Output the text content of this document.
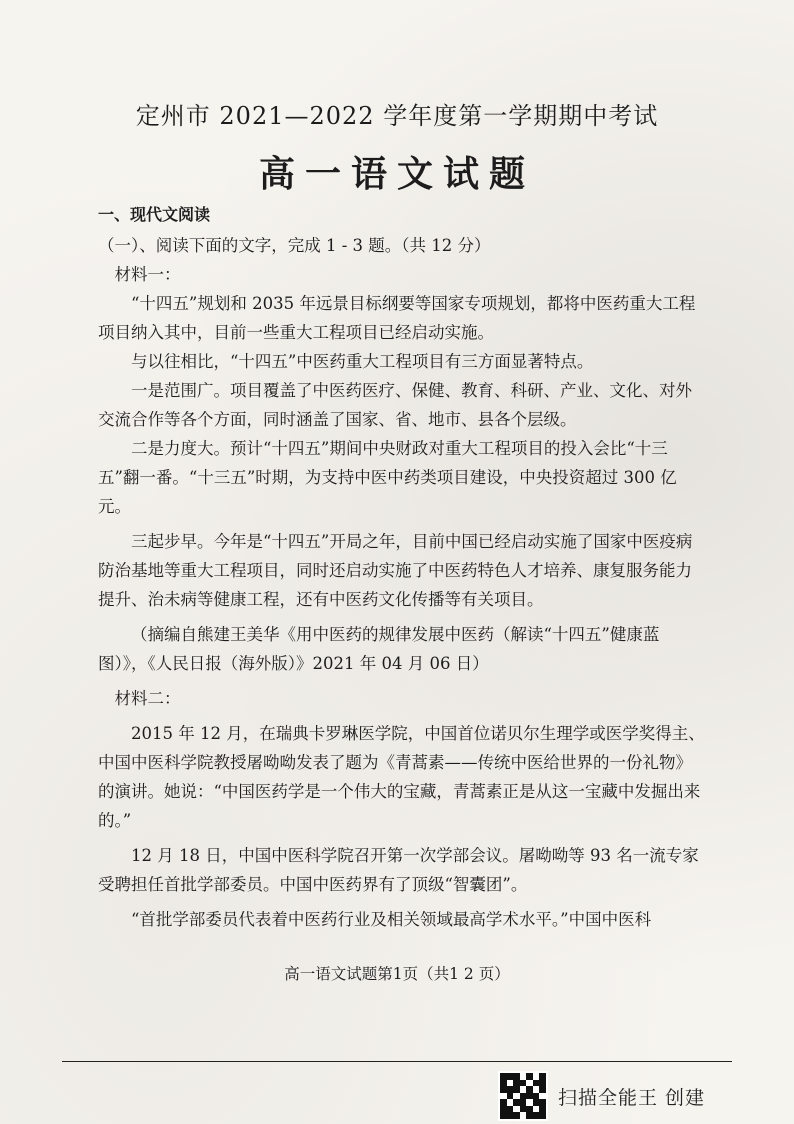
定州市 2021—2022 学年度第一学期期中考试
高一语文试题

一、现代文阅读

（一）、阅读下面的文字，完成 1 - 3 题。（共 12 分）

材料一：

“十四五”规划和 2035 年远景目标纲要等国家专项规划，都将中医药重大工程项目纳入其中，目前一些重大工程项目已经启动实施。

与以往相比，“十四五”中医药重大工程项目有三方面显著特点。

一是范围广。项目覆盖了中医药医疗、保健、教育、科研、产业、文化、对外交流合作等各个方面，同时涵盖了国家、省、地市、县各个层级。

二是力度大。预计“十四五”期间中央财政对重大工程项目的投入会比“十三五”翻一番。“十三五”时期，为支持中医中药类项目建设，中央投资超过 300 亿元。

三起步早。今年是“十四五”开局之年，目前中国已经启动实施了国家中医疫病防治基地等重大工程项目，同时还启动实施了中医药特色人才培养、康复服务能力提升、治未病等健康工程，还有中医药文化传播等有关项目。

（摘编自熊建王美华《用中医药的规律发展中医药（解读“十四五”健康蓝图）》，《人民日报（海外版）》2021 年 04 月 06 日）

材料二：

2015 年 12 月，在瑞典卡罗琳医学院，中国首位诺贝尔生理学或医学奖得主、中国中医科学院教授屠呦呦发表了题为《青蒿素——传统中医给世界的一份礼物》的演讲。她说：“中国医药学是一个伟大的宝藏，青蒿素正是从这一宝藏中发掘出来的。”

12 月 18 日，中国中医科学院召开第一次学部会议。屠呦呦等 93 名一流专家受聘担任首批学部委员。中国中医药界有了顶级“智囊团”。

“首批学部委员代表着中医药行业及相关领域最高学术水平。”中国中医科

高一语文试题第1页（共1 2 页）
扫描全能王 创建
